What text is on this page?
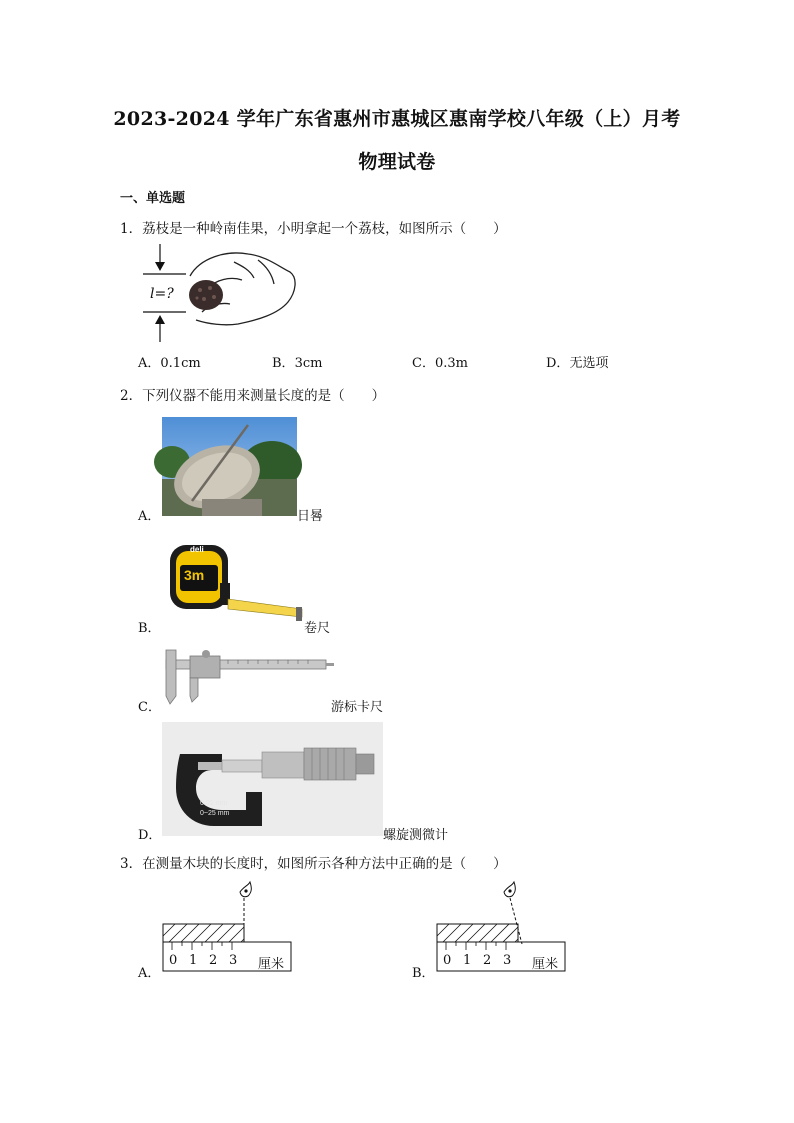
2023-2024 学年广东省惠州市惠城区惠南学校八年级（上）月考
物理试卷
一、单选题
1．荔枝是一种岭南佳果，小明拿起一个荔枝，如图所示（　　）
l=?
A．0.1cm	B．3cm	C．0.3m	D．无选项
2．下列仪器不能用来测量长度的是（　　）
A．	日晷
B．
deli
3m
卷尺
C．	游标卡尺
D．
0.01 mm
0~25 mm
螺旋测微计
3．在测量木块的长度时，如图所示各种方法中正确的是（　　）
A．
0 1 2 3 厘米
B．
0 1 2 3 厘米
